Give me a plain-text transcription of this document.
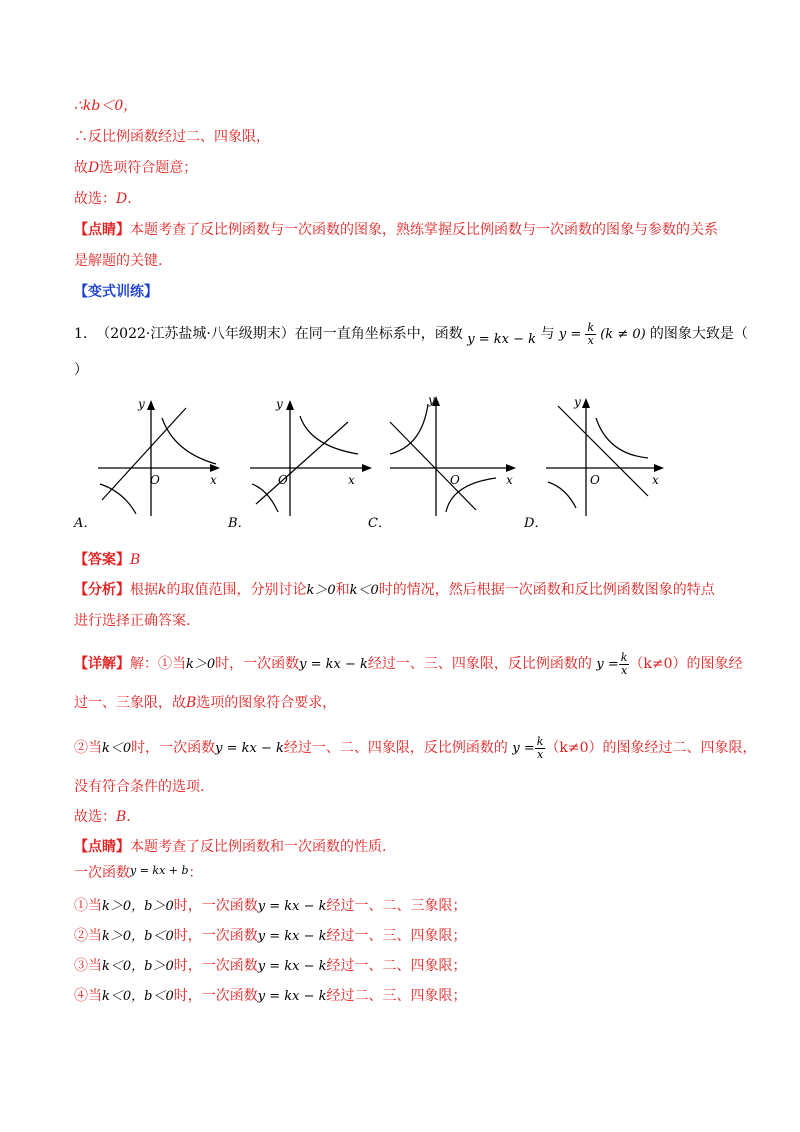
∴kb＜0，
∴反比例函数经过二、四象限，
故D选项符合题意；
故选：D.
【点睛】本题考查了反比例函数与一次函数的图象，熟练掌握反比例函数与一次函数的图象与参数的关系
是解题的关键.
【变式训练】
1. （2022·江苏盐城·八年级期末）在同一直角坐标系中，函数 y = kx − k 与 $y = \frac{k}{x} (k \ne 0)$ 的图象大致是（
）
y
O	x
y
O	x
y
O	x
y
O	x
A．	B．	C．	D．
【答案】B
【分析】根据k的取值范围，分别讨论k＞0和k＜0时的情况，然后根据一次函数和反比例函数图象的特点
进行选择正确答案.
【详解】解：①当k＞0时，一次函数y = kx − k经过一、三、四象限，反比例函数的 $y = \frac{k}{x} (k\ne 0)$的图象经
过一、三象限，故B选项的图象符合要求，
②当k＜0时，一次函数y = kx − k经过一、二、四象限，反比例函数的 $y = \frac{k}{x} (k\ne 0)$的图象经过二、四象限，
没有符合条件的选项.
故选：B.
【点睛】本题考查了反比例函数和一次函数的性质.
一次函数$^{y = kx + b}$：
①当k＞0，b＞0时，一次函数y = kx − k经过一、二、三象限；
②当k＞0，b＜0时，一次函数y = kx − k经过一、三、四象限；
③当k＜0，b＞0时，一次函数y = kx − k经过一、二、四象限；
④当k＜0，b＜0时，一次函数y = kx − k经过二、三、四象限；
